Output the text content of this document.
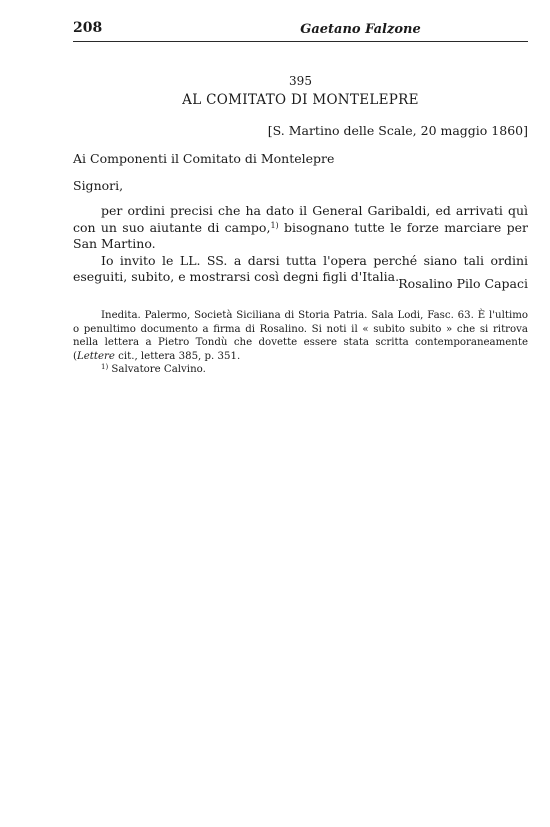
208	Gaetano Falzone
395
AL COMITATO DI MONTELEPRE
[S. Martino delle Scale, 20 maggio 1860]
Ai Componenti il Comitato di Montelepre
Signori,

per ordini precisi che ha dato il General Garibaldi, ed arrivati quì con un suo aiutante di campo,$^{1)}$ bisognano tutte le forze marciare per San Martino.

Io invito le LL. SS. a darsi tutta l'opera perché siano tali ordini eseguiti, subito, e mostrarsi così degni figli d'Italia. Rosalino Pilo Capaci

Inedita. Palermo, Società Siciliana di Storia Patria. Sala Lodi, Fasc. 63. È l'ultimo o penultimo documento a firma di Rosalino. Si noti il « subito subito » che si ritrova nella lettera a Pietro Tondù che dovette essere stata scritta contemporaneamente (Lettere cit., lettera 385, p. 351.

$^{1)}$ Salvatore Calvino.
